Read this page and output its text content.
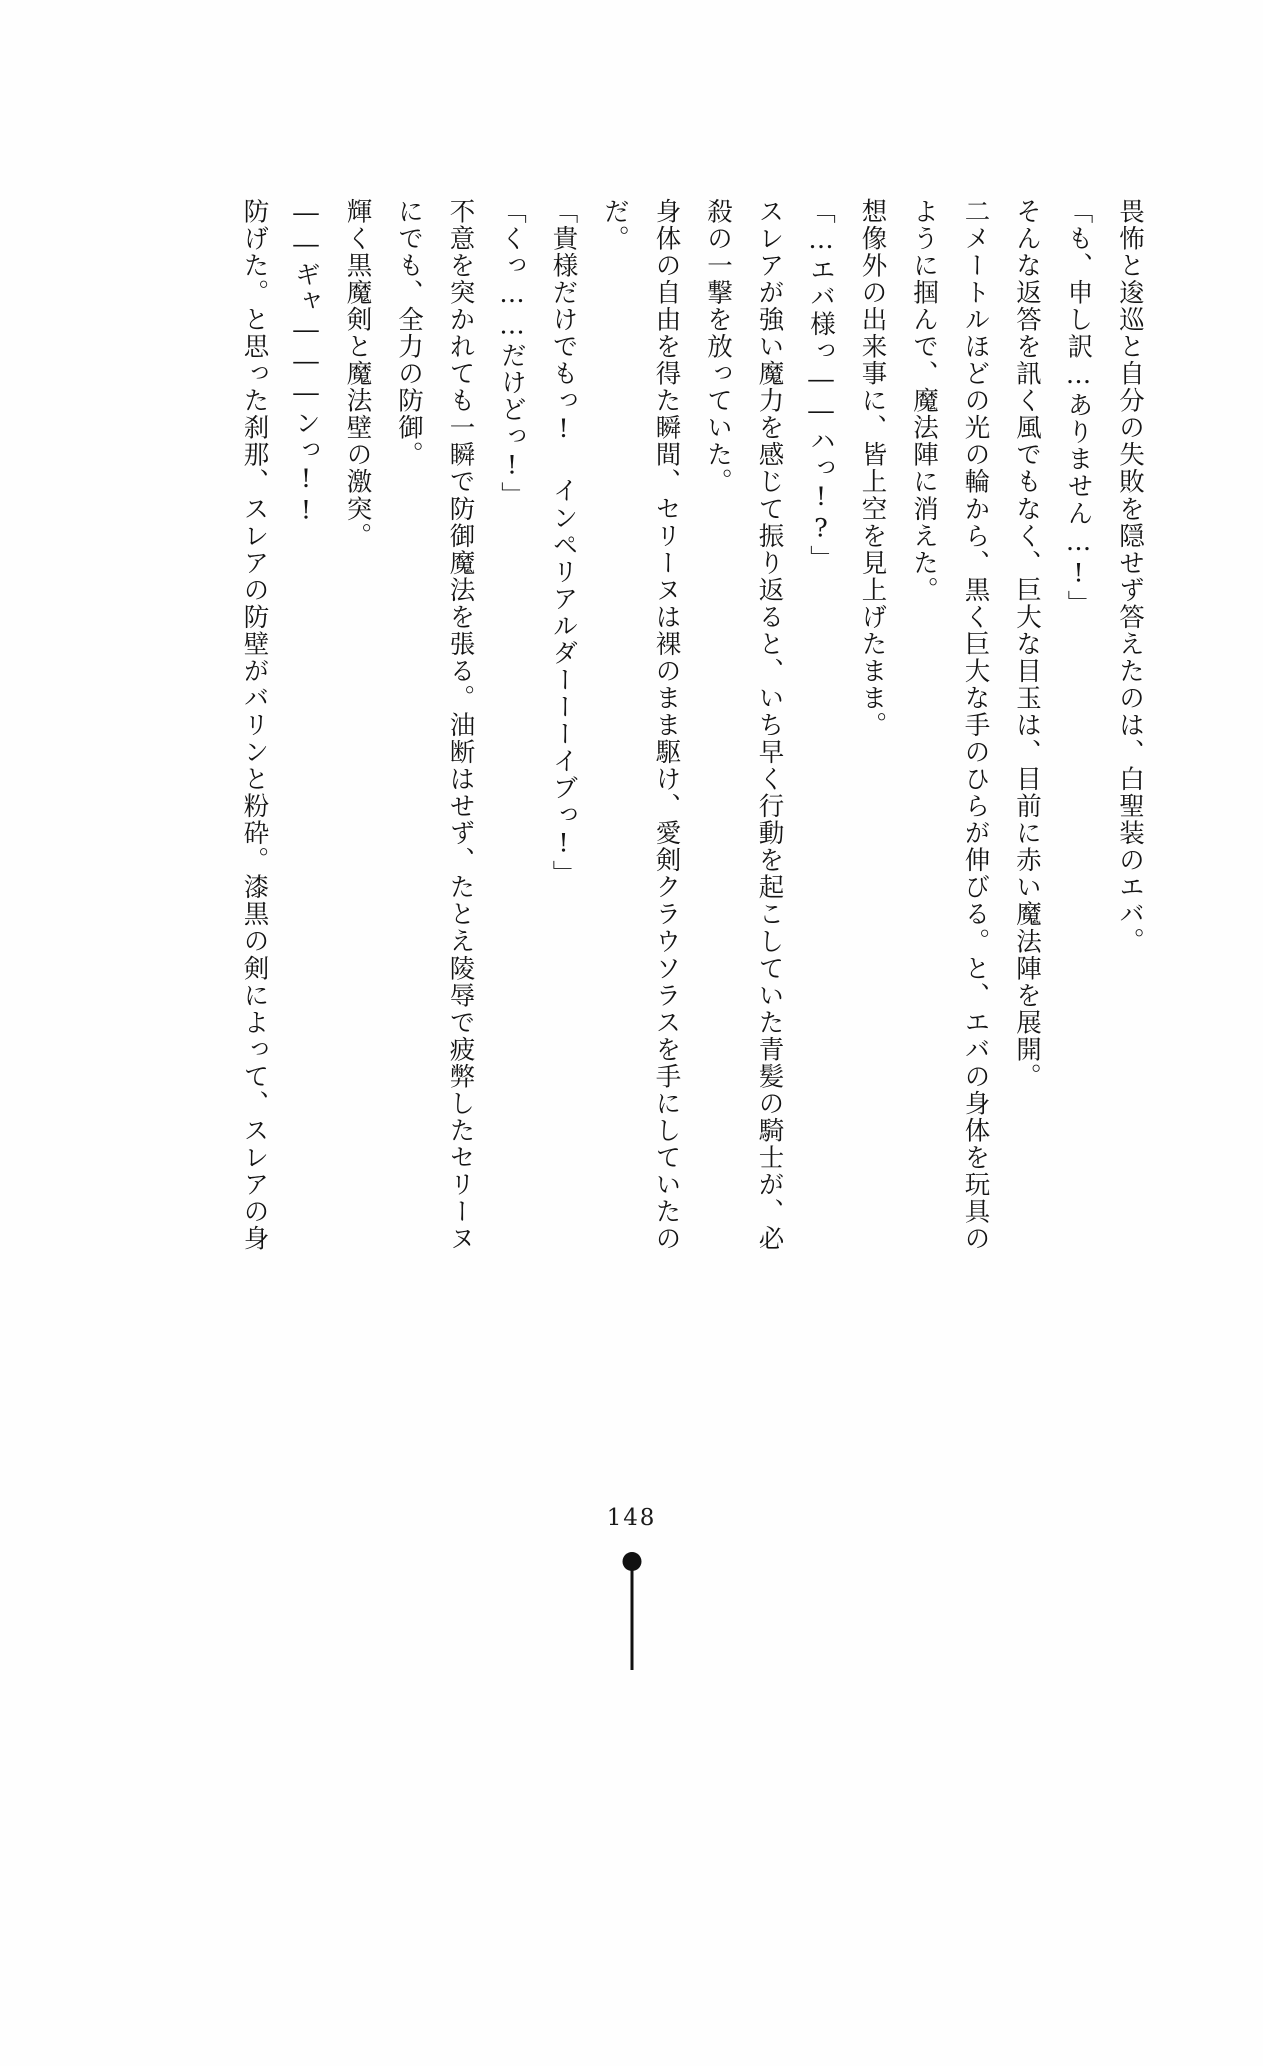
畏怖と逡巡と自分の失敗を隠せず答えたのは、白聖装のエバ。

「も、申し訳…ありません…!」

そんな返答を訊く風でもなく、巨大な目玉は、目前に赤い魔法陣を展開。

二メートルほどの光の輪から、黒く巨大な手のひらが伸びる。と、エバの身体を玩具のように掴んで、魔法陣に消えた。

想像外の出来事に、皆上空を見上げたまま。

「…エバ様っ――ハっ!?」

スレアが強い魔力を感じて振り返ると、いち早く行動を起こしていた青髪の騎士が、必殺の一撃を放っていた。

身体の自由を得た瞬間、セリーヌは裸のまま駆け、愛剣クラウソラスを手にしていたのだ。

「貴様だけでもっ! インペリアルダーーーイブっ!」

「くっ……だけどっ!」

不意を突かれても一瞬で防御魔法を張る。油断はせず、たとえ陵辱で疲弊したセリーヌにでも、全力の防御。

輝く黒魔剣と魔法壁の激突。

――ギャ―――ンっ!!

防げた。と思った刹那、スレアの防壁がバリンと粉砕。漆黒の剣によって、スレアの身

148
